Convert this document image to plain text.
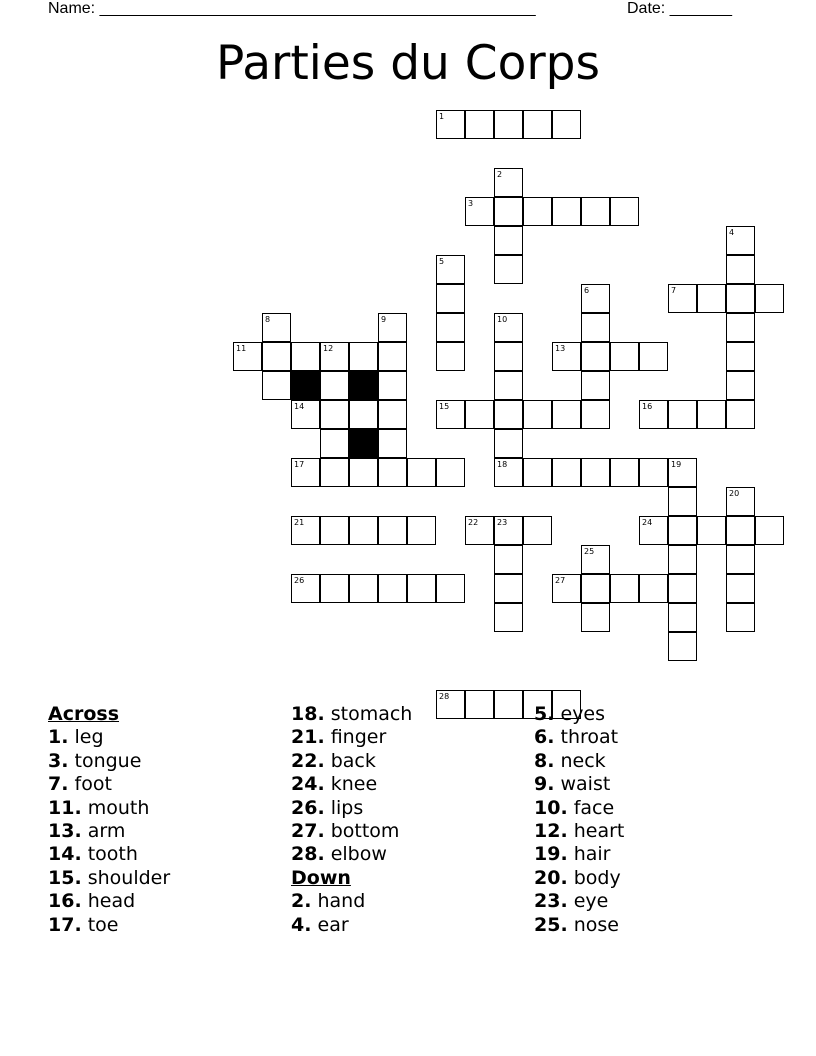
Name: _________________________________________________	Date: _______
Parties du Corps
1
2
3
4
5
6	7
8	9	10
11	12	13
14	15	16
17	18	19
20
21	22 23	24
25
26	27
28
Across
1. leg
3. tongue
7. foot
11. mouth
13. arm
14. tooth
15. shoulder
16. head
17. toe
18. stomach
21. finger
22. back
24. knee
26. lips
27. bottom
28. elbow
Down
2. hand
4. ear
5. eyes
6. throat
8. neck
9. waist
10. face
12. heart
19. hair
20. body
23. eye
25. nose
